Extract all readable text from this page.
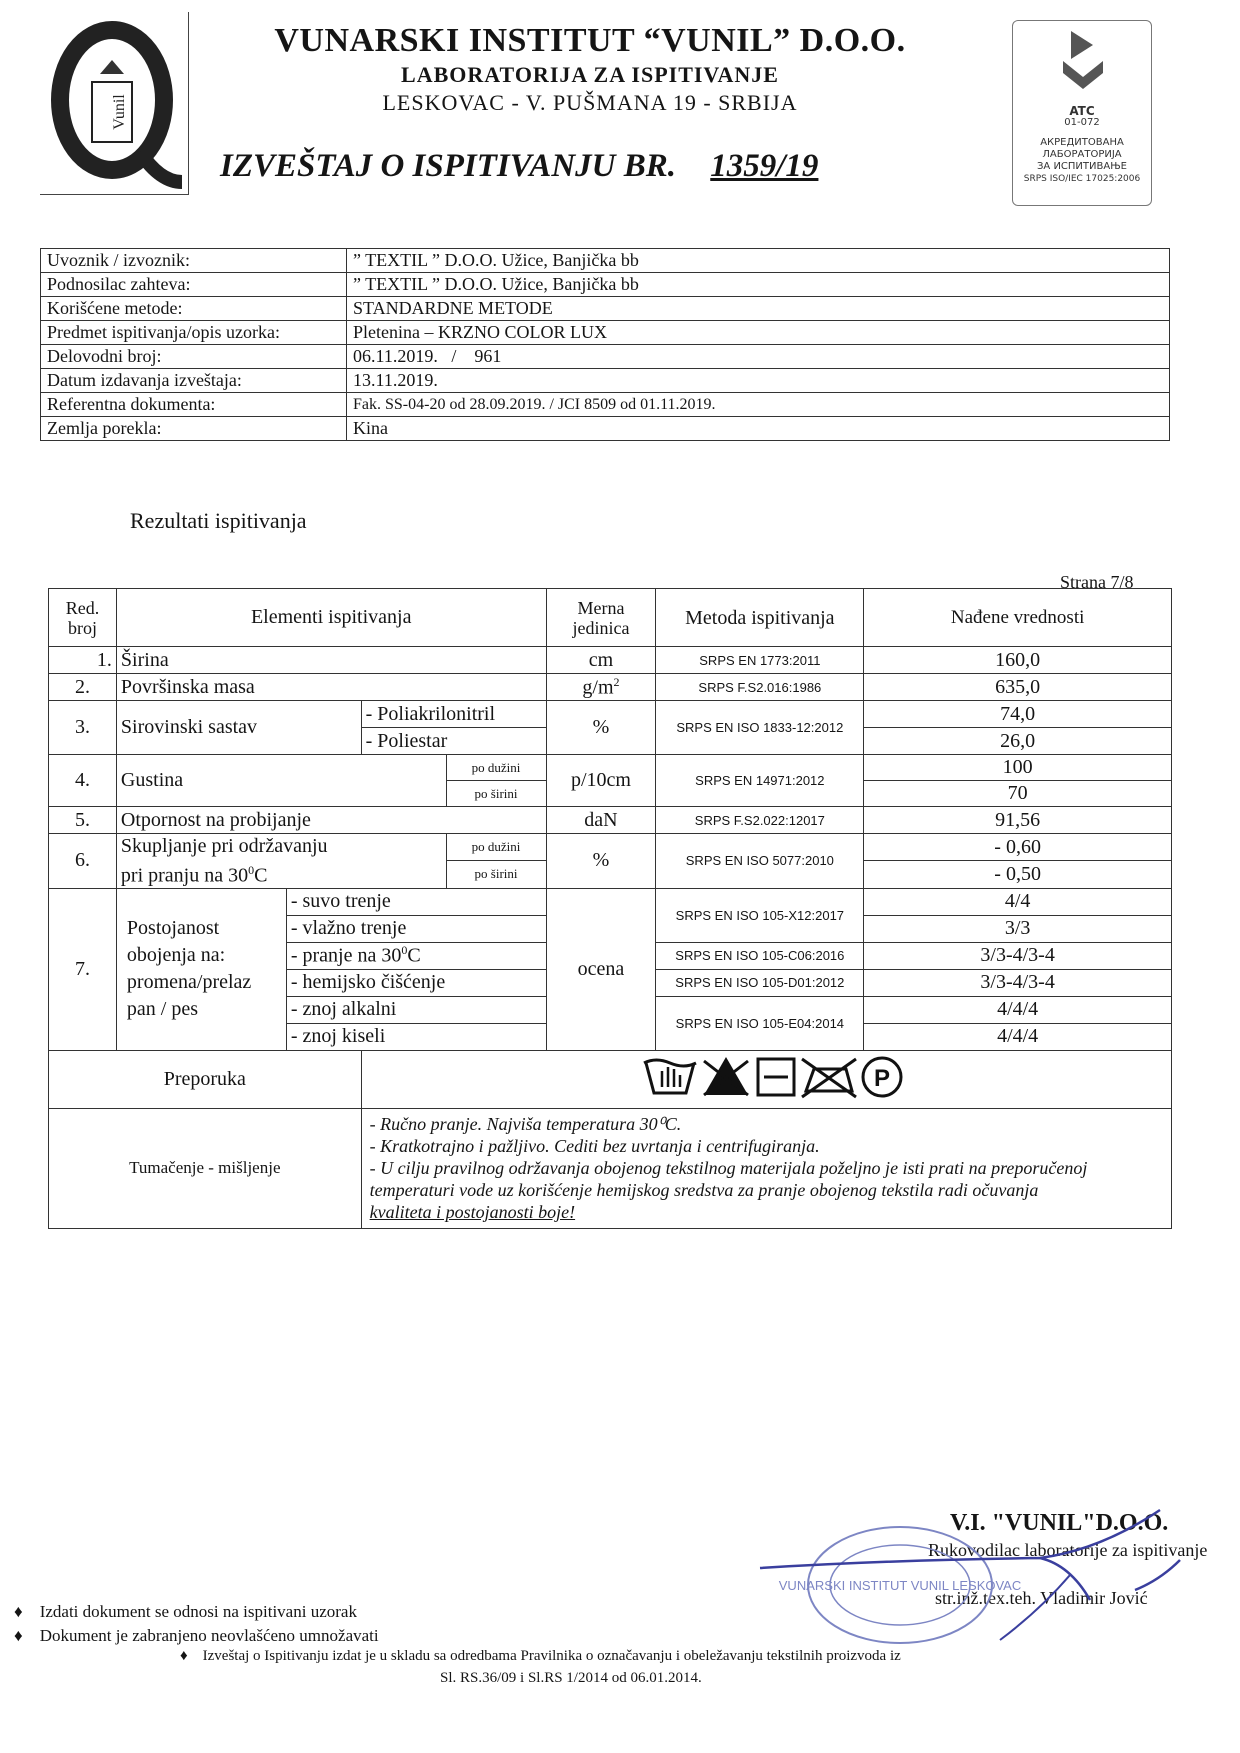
Vunil
VUNARSKI INSTITUT “VUNIL” D.O.O.
LABORATORIJA ZA ISPITIVANJE
LESKOVAC - V. PUŠMANA 19 - SRBIJA
IZVEŠTAJ O ISPITIVANJU BR. 1359/19
ATC
01-072
АКРЕДИТОВАНА
ЛАБОРАТОРИЈА
ЗА ИСПИТИВАЊЕ
SRPS ISO/IEC 17025:2006
Uvoznik / izvoznik:	” TEXTIL ” D.O.O. Užice, Banjička bb
Podnosilac zahteva:	” TEXTIL ” D.O.O. Užice, Banjička bb
Korišćene metode:	STANDARDNE METODE
Predmet ispitivanja/opis uzorka:	Pletenina – KRZNO COLOR LUX
Delovodni broj:	06.11.2019.   /    961
Datum izdavanja izveštaja:	13.11.2019.
Referentna dokumenta:	Fak. SS-04-20 od 28.09.2019. / JCI 8509 od 01.11.2019.
Zemlja porekla:	Kina
Rezultati ispitivanja
Strana 7/8
Red. broj	Elementi ispitivanja				Merna jedinica	Metoda ispitivanja	Nađene vrednosti
1.	Širina				cm	SRPS EN 1773:2011	160,0
2.	Površinska masa				$g/m^2$	SRPS F.S2.016:1986	635,0
3.	Sirovinski sastav		- Poliakrilonitril		%	SRPS EN ISO 1833-12:2012	74,0
			- Poliestar				26,0
4.	Gustina			po dužini	p/10cm	SRPS EN 14971:2012	100
				po širini			70
5.	Otpornost na probijanje				daN	SRPS F.S2.022:12017	91,56
6.	Skupljanje pri održavanju
pri pranju na $30^0C$			po dužini	%	SRPS EN ISO 5077:2010	- 0,60
				po širini			- 0,50
7.	Postojanost
obojenja na:
promena/prelaz
pan / pes	- suvo trenje			ocena	SRPS EN ISO 105-X12:2017	4/4
		- vlažno trenje					3/3
		- pranje na $30^0C$				SRPS EN ISO 105-C06:2016	3/3-4/3-4
		- hemijsko čišćenje				SRPS EN ISO 105-D01:2012	3/3-4/3-4
		- znoj alkalni				SRPS EN ISO 105-E04:2014	4/4/4
		- znoj kiseli					4/4/4
Preporuka			P				

Tumačenje - mišljenje			- Ručno pranje. Najviša temperatura 30⁰C.
- Kratkotrajno i pažljivo. Cediti bez uvrtanja i centrifugiranja.
- U cilju pravilnog održavanja obojenog tekstilnog materijala poželjno je isti prati na preporučenoj
temperaturi vode uz korišćenje hemijskog sredstva za pranje obojenog tekstila radi očuvanja
kvaliteta i postojanosti boje!				
V.I. "VUNIL"D.O.O.
Rukovodilac laboratorije za ispitivanje
str.inž.tex.teh. Vladimir Jović
VUNARSKI INSTITUT VUNIL LESKOVAC
♦    Izdati dokument se odnosi na ispitivani uzorak
♦    Dokument je zabranjeno neovlašćeno umnožavati
♦    Izveštaj o Ispitivanju izdat je u skladu sa odredbama Pravilnika o označavanju i obeležavanju tekstilnih proizvoda iz
Sl. RS.36/09 i Sl.RS 1/2014 od 06.01.2014.
